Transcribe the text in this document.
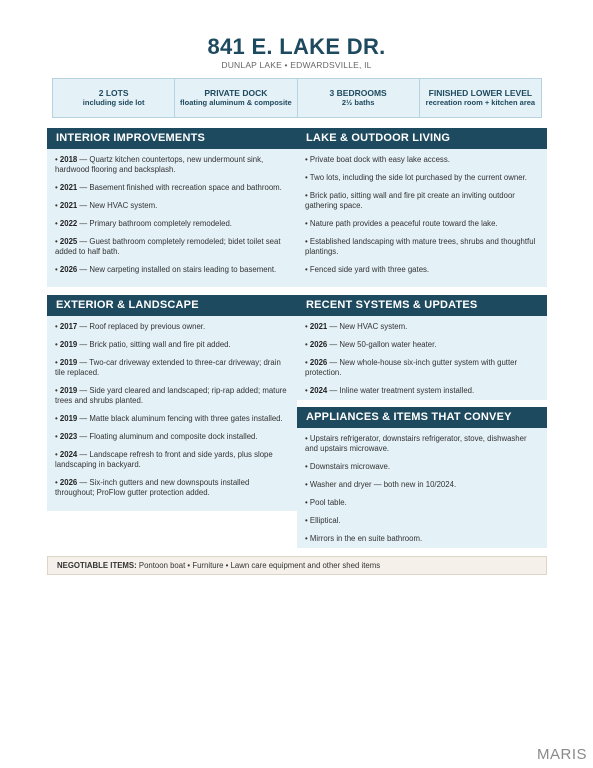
841 E. LAKE DR.
DUNLAP LAKE • EDWARDSVILLE, IL
2 LOTS
including side lot
PRIVATE DOCK
floating aluminum & composite
3 BEDROOMS
2½ baths
FINISHED LOWER LEVEL
recreation room + kitchen area
INTERIOR IMPROVEMENTS
• 2018 — Quartz kitchen countertops, new undermount sink, hardwood flooring and backsplash.
• 2021 — Basement finished with recreation space and bathroom.
• 2021 — New HVAC system.
• 2022 — Primary bathroom completely remodeled.
• 2025 — Guest bathroom completely remodeled; bidet toilet seat added to half bath.
• 2026 — New carpeting installed on stairs leading to basement.
LAKE & OUTDOOR LIVING
• Private boat dock with easy lake access.
• Two lots, including the side lot purchased by the current owner.
• Brick patio, sitting wall and fire pit create an inviting outdoor gathering space.
• Nature path provides a peaceful route toward the lake.
• Established landscaping with mature trees, shrubs and thoughtful plantings.
• Fenced side yard with three gates.
EXTERIOR & LANDSCAPE
• 2017 — Roof replaced by previous owner.
• 2019 — Brick patio, sitting wall and fire pit added.
• 2019 — Two-car driveway extended to three-car driveway; drain tile replaced.
• 2019 — Side yard cleared and landscaped; rip-rap added; mature trees and shrubs planted.
• 2019 — Matte black aluminum fencing with three gates installed.
• 2023 — Floating aluminum and composite dock installed.
• 2024 — Landscape refresh to front and side yards, plus slope landscaping in backyard.
• 2026 — Six-inch gutters and new downspouts installed throughout; ProFlow gutter protection added.
RECENT SYSTEMS & UPDATES
• 2021 — New HVAC system.
• 2026 — New 50-gallon water heater.
• 2026 — New whole-house six-inch gutter system with gutter protection.
• 2024 — Inline water treatment system installed.
APPLIANCES & ITEMS THAT CONVEY
• Upstairs refrigerator, downstairs refrigerator, stove, dishwasher and upstairs microwave.
• Downstairs microwave.
• Washer and dryer — both new in 10/2024.
• Pool table.
• Elliptical.
• Mirrors in the en suite bathroom.
NEGOTIABLE ITEMS: Pontoon boat • Furniture • Lawn care equipment and other shed items
MARIS
